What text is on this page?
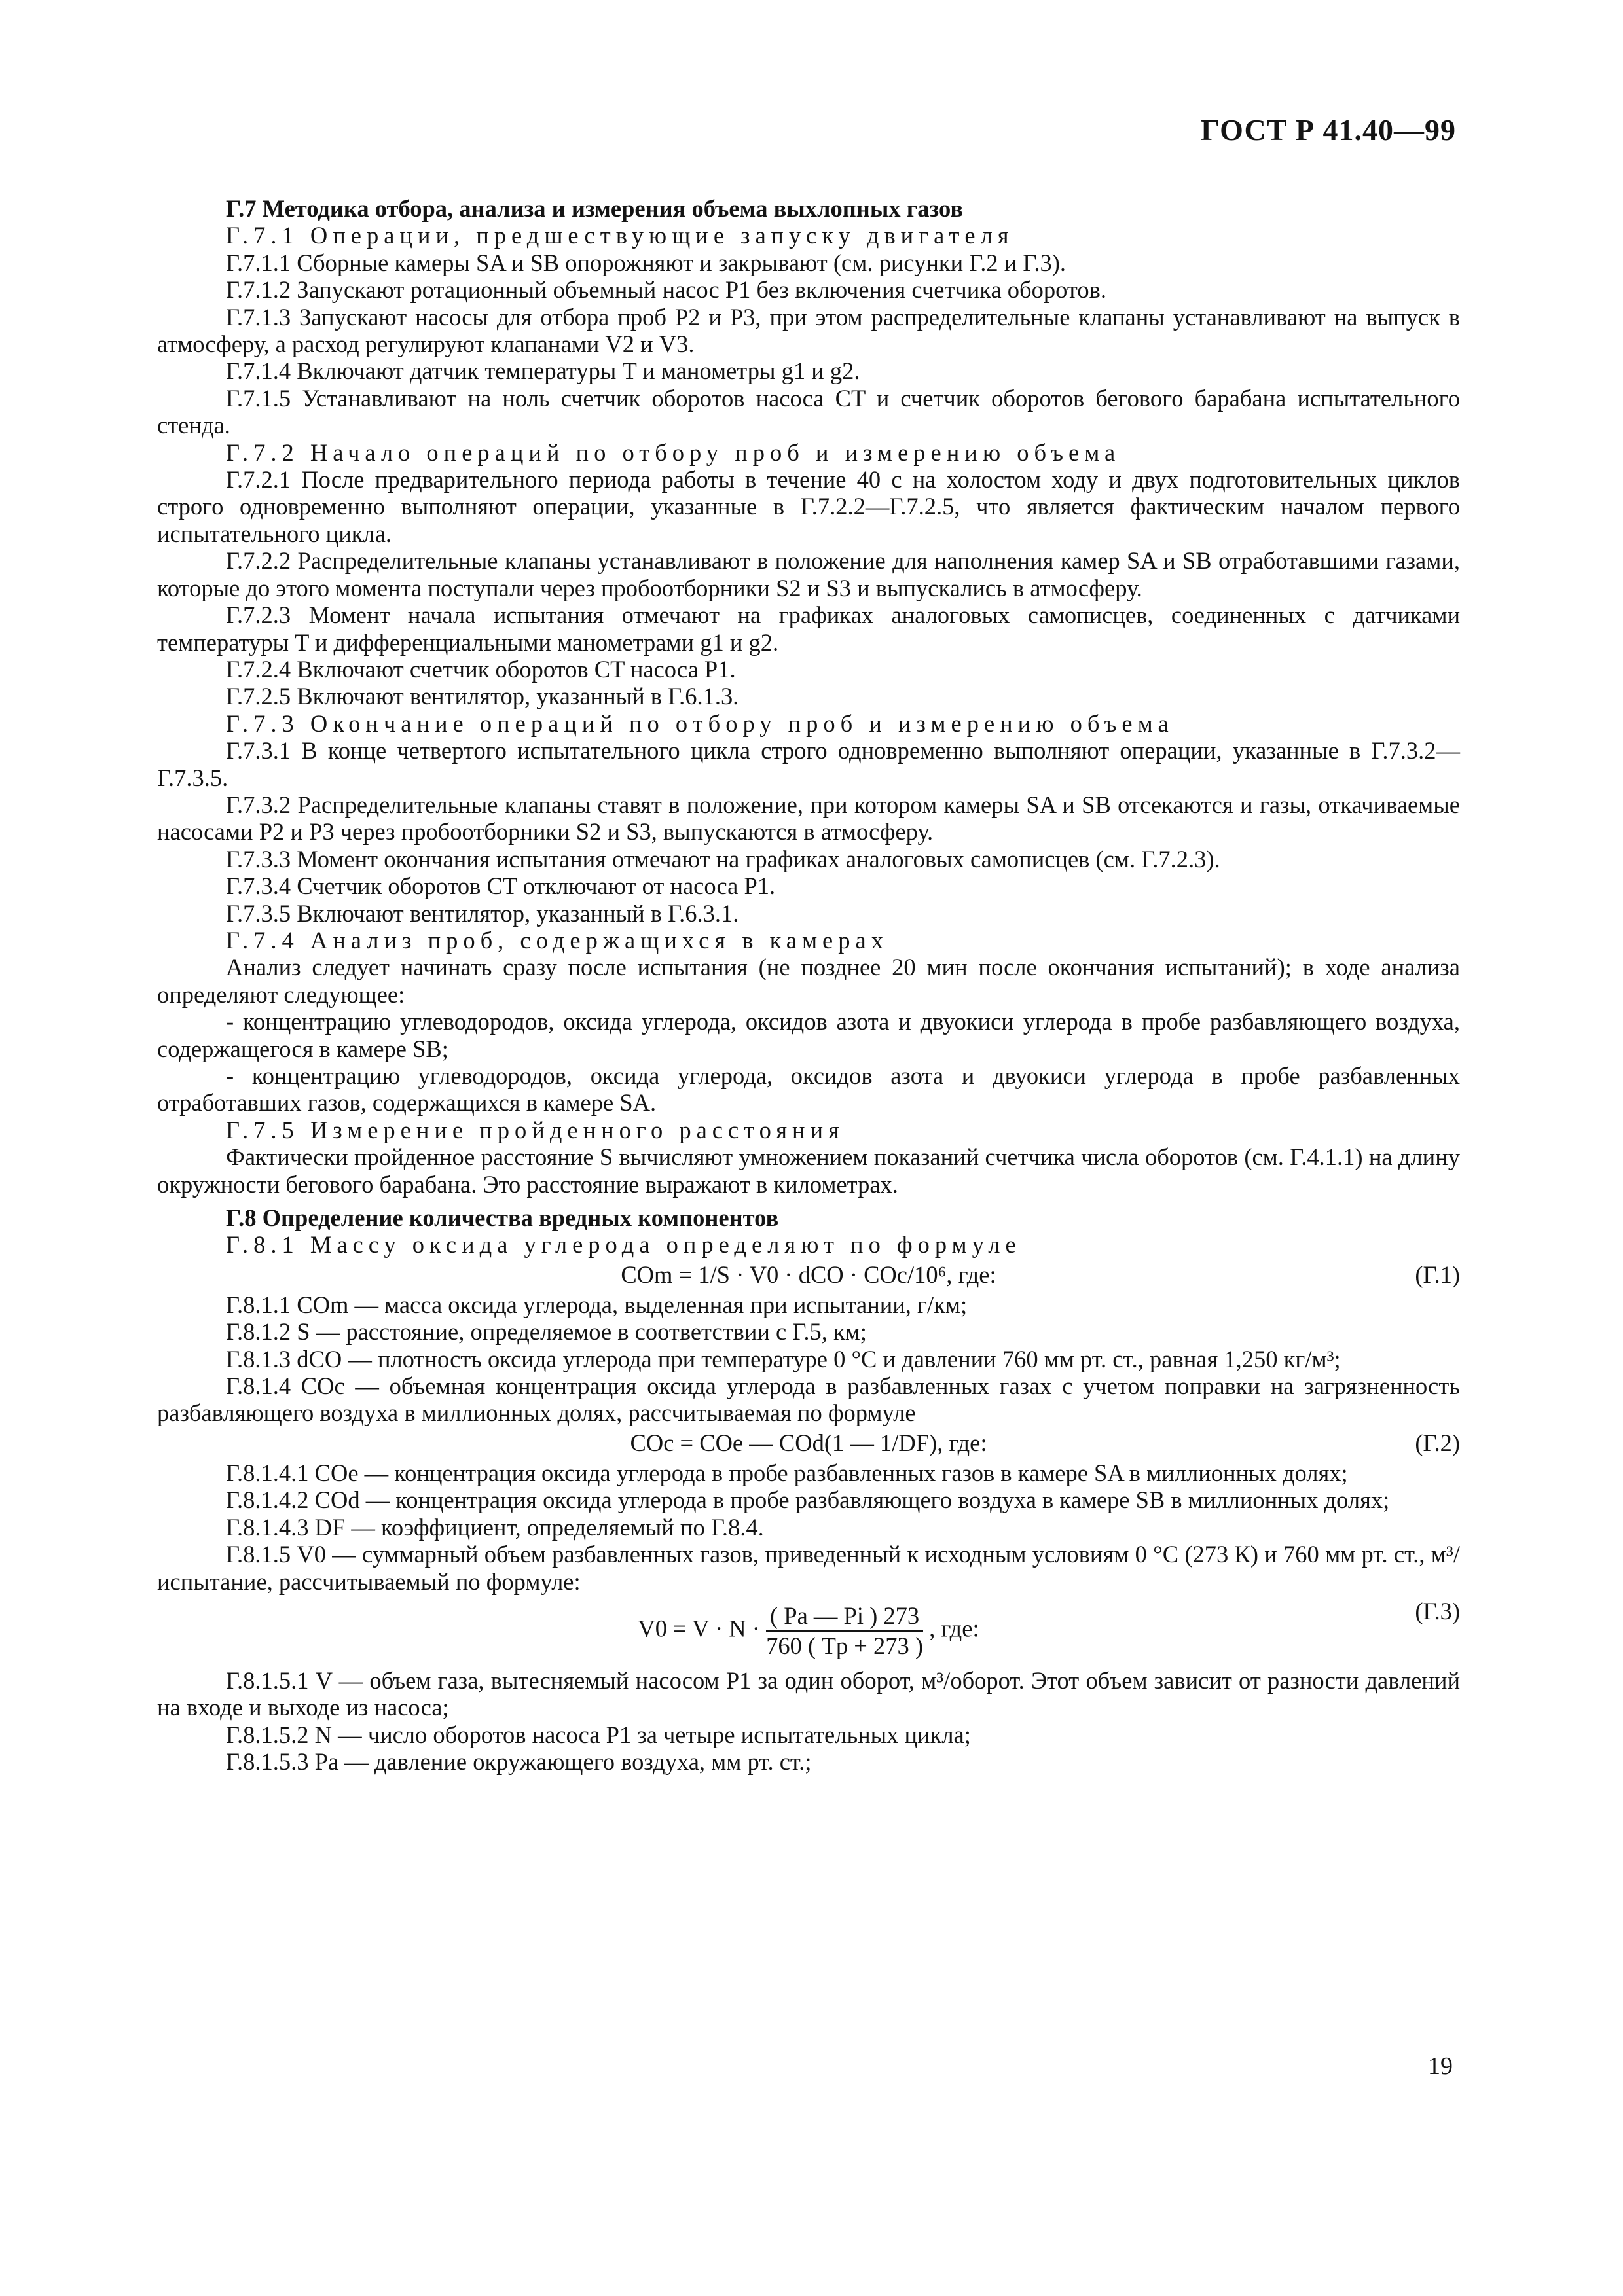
ГОСТ Р 41.40—99

Г.7 Методика отбора, анализа и измерения объема выхлопных газов

Г.7.1 Операции, предшествующие запуску двигателя

Г.7.1.1 Сборные камеры SA и SB опорожняют и закрывают (см. рисунки Г.2 и Г.3).

Г.7.1.2 Запускают ротационный объемный насос P1 без включения счетчика оборотов.

Г.7.1.3 Запускают насосы для отбора проб P2 и P3, при этом распределительные клапаны устанавливают на выпуск в атмосферу, а расход регулируют клапанами V2 и V3.

Г.7.1.4 Включают датчик температуры T и манометры g1 и g2.

Г.7.1.5 Устанавливают на ноль счетчик оборотов насоса CT и счетчик оборотов бегового барабана испытательного стенда.

Г.7.2 Начало операций по отбору проб и измерению объема

Г.7.2.1 После предварительного периода работы в течение 40 с на холостом ходу и двух подготовительных циклов строго одновременно выполняют операции, указанные в Г.7.2.2—Г.7.2.5, что является фактическим началом первого испытательного цикла.

Г.7.2.2 Распределительные клапаны устанавливают в положение для наполнения камер SA и SB отработавшими газами, которые до этого момента поступали через пробоотборники S2 и S3 и выпускались в атмосферу.

Г.7.2.3 Момент начала испытания отмечают на графиках аналоговых самописцев, соединенных с датчиками температуры T и дифференциальными манометрами g1 и g2.

Г.7.2.4 Включают счетчик оборотов CT насоса P1.

Г.7.2.5 Включают вентилятор, указанный в Г.6.1.3.

Г.7.3 Окончание операций по отбору проб и измерению объема

Г.7.3.1 В конце четвертого испытательного цикла строго одновременно выполняют операции, указанные в Г.7.3.2—Г.7.3.5.

Г.7.3.2 Распределительные клапаны ставят в положение, при котором камеры SA и SB отсекаются и газы, откачиваемые насосами P2 и P3 через пробоотборники S2 и S3, выпускаются в атмосферу.

Г.7.3.3 Момент окончания испытания отмечают на графиках аналоговых самописцев (см. Г.7.2.3).

Г.7.3.4 Счетчик оборотов CT отключают от насоса P1.

Г.7.3.5 Включают вентилятор, указанный в Г.6.3.1.

Г.7.4 Анализ проб, содержащихся в камерах

Анализ следует начинать сразу после испытания (не позднее 20 мин после окончания испытаний); в ходе анализа определяют следующее:

- концентрацию углеводородов, оксида углерода, оксидов азота и двуокиси углерода в пробе разбавляющего воздуха, содержащегося в камере SB;

- концентрацию углеводородов, оксида углерода, оксидов азота и двуокиси углерода в пробе разбавленных отработавших газов, содержащихся в камере SA.

Г.7.5 Измерение пройденного расстояния

Фактически пройденное расстояние S вычисляют умножением показаний счетчика числа оборотов (см. Г.4.1.1) на длину окружности бегового барабана. Это расстояние выражают в километрах.

Г.8 Определение количества вредных компонентов

Г.8.1 Массу оксида углерода определяют по формуле

COm = 1/S · V0 · dCO · COc/10⁶, где:	(Г.1)

Г.8.1.1 COm — масса оксида углерода, выделенная при испытании, г/км;

Г.8.1.2 S — расстояние, определяемое в соответствии с Г.5, км;

Г.8.1.3 dCO — плотность оксида углерода при температуре 0 °С и давлении 760 мм рт. ст., равная 1,250 кг/м³;

Г.8.1.4 COc — объемная концентрация оксида углерода в разбавленных газах с учетом поправки на загрязненность разбавляющего воздуха в миллионных долях, рассчитываемая по формуле

COc = COe — COd(1 — 1/DF), где:	(Г.2)

Г.8.1.4.1 COe — концентрация оксида углерода в пробе разбавленных газов в камере SA в миллионных долях;

Г.8.1.4.2 COd — концентрация оксида углерода в пробе разбавляющего воздуха в камере SB в миллионных долях;

Г.8.1.4.3 DF — коэффициент, определяемый по Г.8.4.

Г.8.1.5 V0 — суммарный объем разбавленных газов, приведенный к исходным условиям 0 °С (273 К) и 760 мм рт. ст., м³/испытание, рассчитываемый по формуле:

$V0 = V \cdot N \cdot \frac{( Pa — Pi ) 273}{760 ( Tp + 273 )}$ , где:
(Г.3)

Г.8.1.5.1 V — объем газа, вытесняемый насосом P1 за один оборот, м³/оборот. Этот объем зависит от разности давлений на входе и выходе из насоса;

Г.8.1.5.2 N — число оборотов насоса P1 за четыре испытательных цикла;

Г.8.1.5.3 Pa — давление окружающего воздуха, мм рт. ст.;

19
